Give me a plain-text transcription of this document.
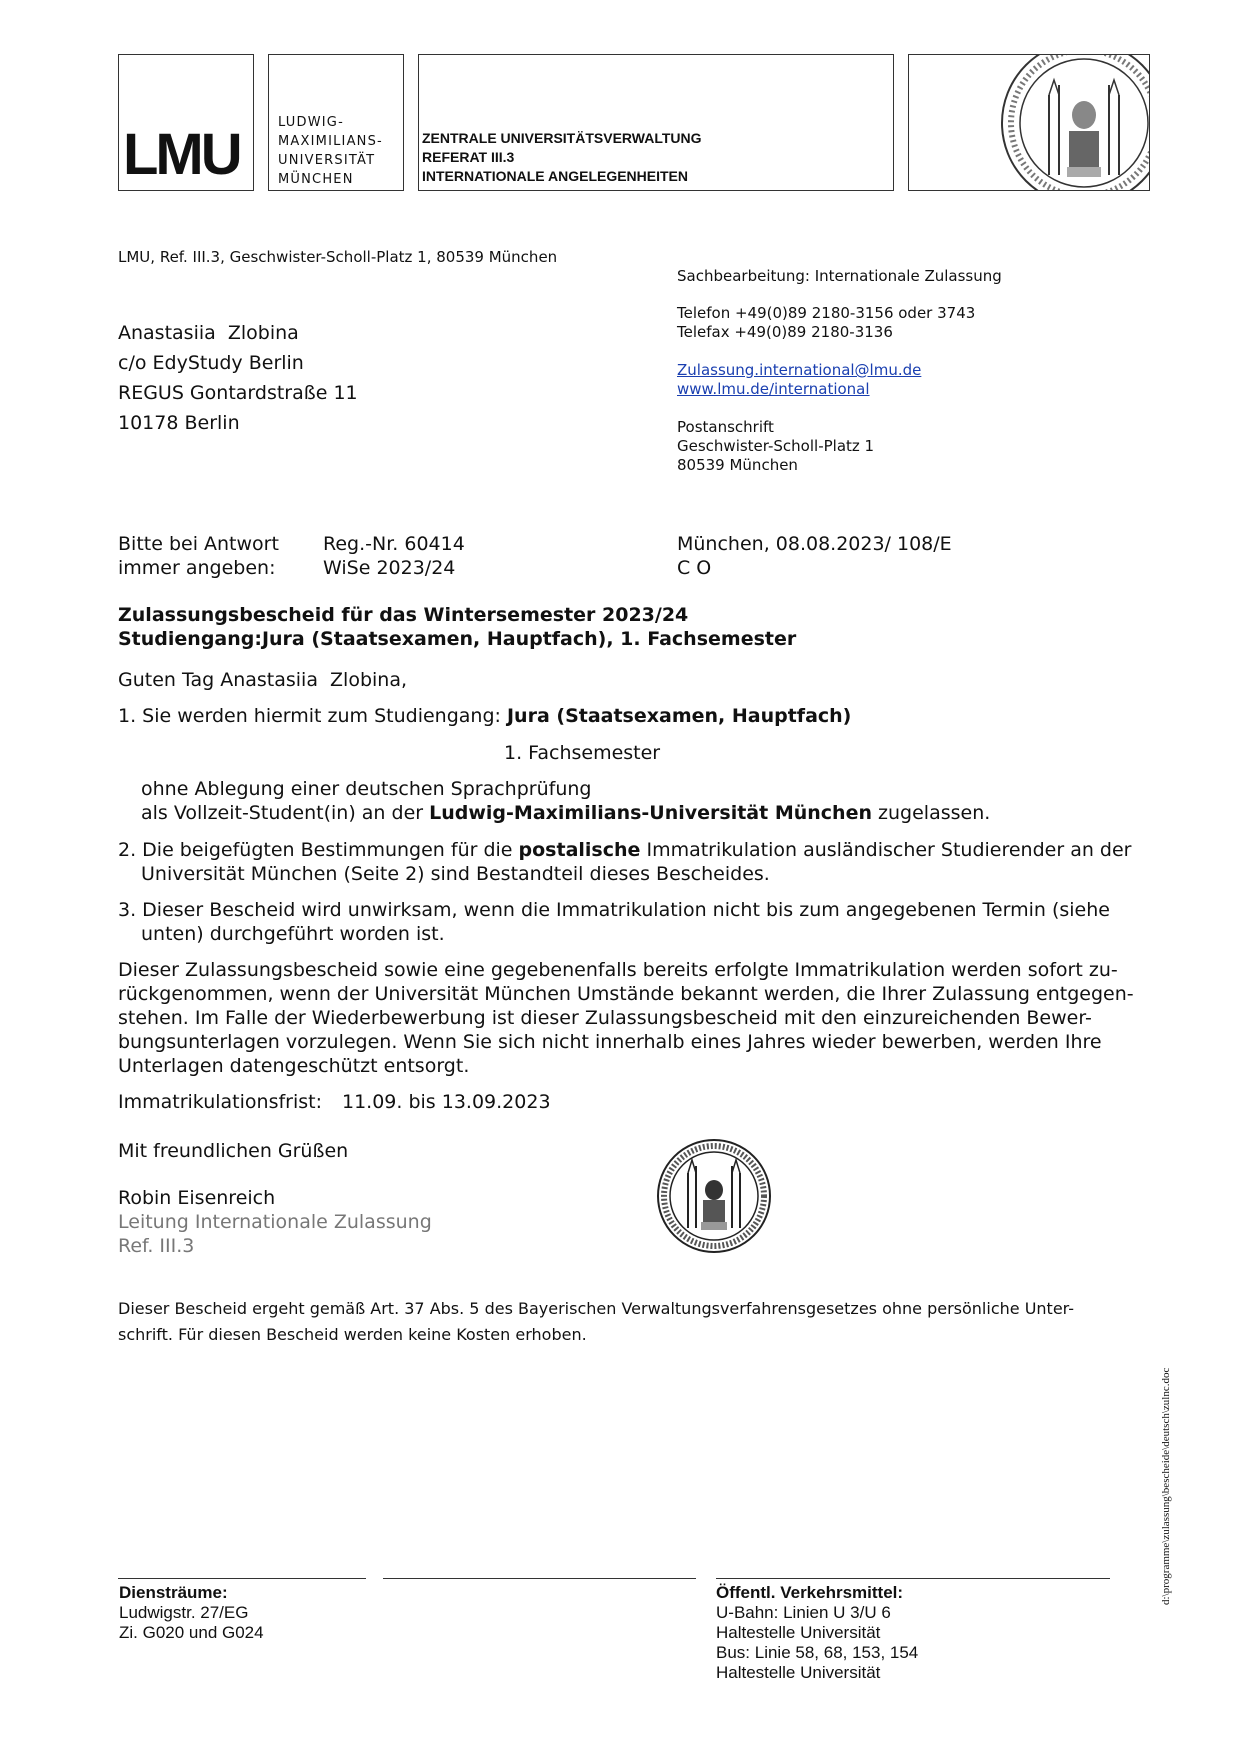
LMU	LUDWIG-
MAXIMILIANS-
UNIVERSITÄT
MÜNCHEN
ZENTRALE UNIVERSITÄTSVERWALTUNG
REFERAT III.3
INTERNATIONALE ANGELEGENHEITEN
LMU, Ref. III.3, Geschwister-Scholl-Platz 1, 80539 München
Sachbearbeitung: Internationale Zulassung
Telefon +49(0)89 2180-3156 oder 3743
Telefax +49(0)89 2180-3136
Zulassung.international@lmu.de
www.lmu.de/international
Postanschrift
Geschwister-Scholl-Platz 1
80539 München
Anastasiia  Zlobina
c/o EdyStudy Berlin
REGUS Gontardstraße 11
10178 Berlin
Bitte bei Antwort
immer angeben:
Reg.-Nr. 60414
WiSe 2023/24
München, 08.08.2023/ 108/E
C O
Zulassungsbescheid für das Wintersemester 2023/24
Studiengang:Jura (Staatsexamen, Hauptfach), 1. Fachsemester
Guten Tag Anastasiia  Zlobina,
1. Sie werden hiermit zum Studiengang: Jura (Staatsexamen, Hauptfach)
1. Fachsemester
ohne Ablegung einer deutschen Sprachprüfung
als Vollzeit-Student(in) an der Ludwig-Maximilians-Universität München zugelassen.
2. Die beigefügten Bestimmungen für die postalische Immatrikulation ausländischer Studierender an der
Universität München (Seite 2) sind Bestandteil dieses Bescheides.
3. Dieser Bescheid wird unwirksam, wenn die Immatrikulation nicht bis zum angegebenen Termin (siehe
unten) durchgeführt worden ist.
Dieser Zulassungsbescheid sowie eine gegebenenfalls bereits erfolgte Immatrikulation werden sofort zu-
rückgenommen, wenn der Universität München Umstände bekannt werden, die Ihrer Zulassung entgegen-
stehen. Im Falle der Wiederbewerbung ist dieser Zulassungsbescheid mit den einzureichenden Bewer-
bungsunterlagen vorzulegen. Wenn Sie sich nicht innerhalb eines Jahres wieder bewerben, werden Ihre
Unterlagen datengeschützt entsorgt.
Immatrikulationsfrist: 11.09. bis 13.09.2023
Mit freundlichen Grüßen
Robin Eisenreich
Leitung Internationale Zulassung
Ref. III.3
Dieser Bescheid ergeht gemäß Art. 37 Abs. 5 des Bayerischen Verwaltungsverfahrensgesetzes ohne persönliche Unter-
schrift. Für diesen Bescheid werden keine Kosten erhoben.
d:\programme\zulassung\bescheide\deutsch\zulnc.doc
Diensträume:
Ludwigstr. 27/EG
Zi. G020 und G024
Öffentl. Verkehrsmittel:
U-Bahn: Linien U 3/U 6
Haltestelle Universität
Bus: Linie 58, 68, 153, 154
Haltestelle Universität
